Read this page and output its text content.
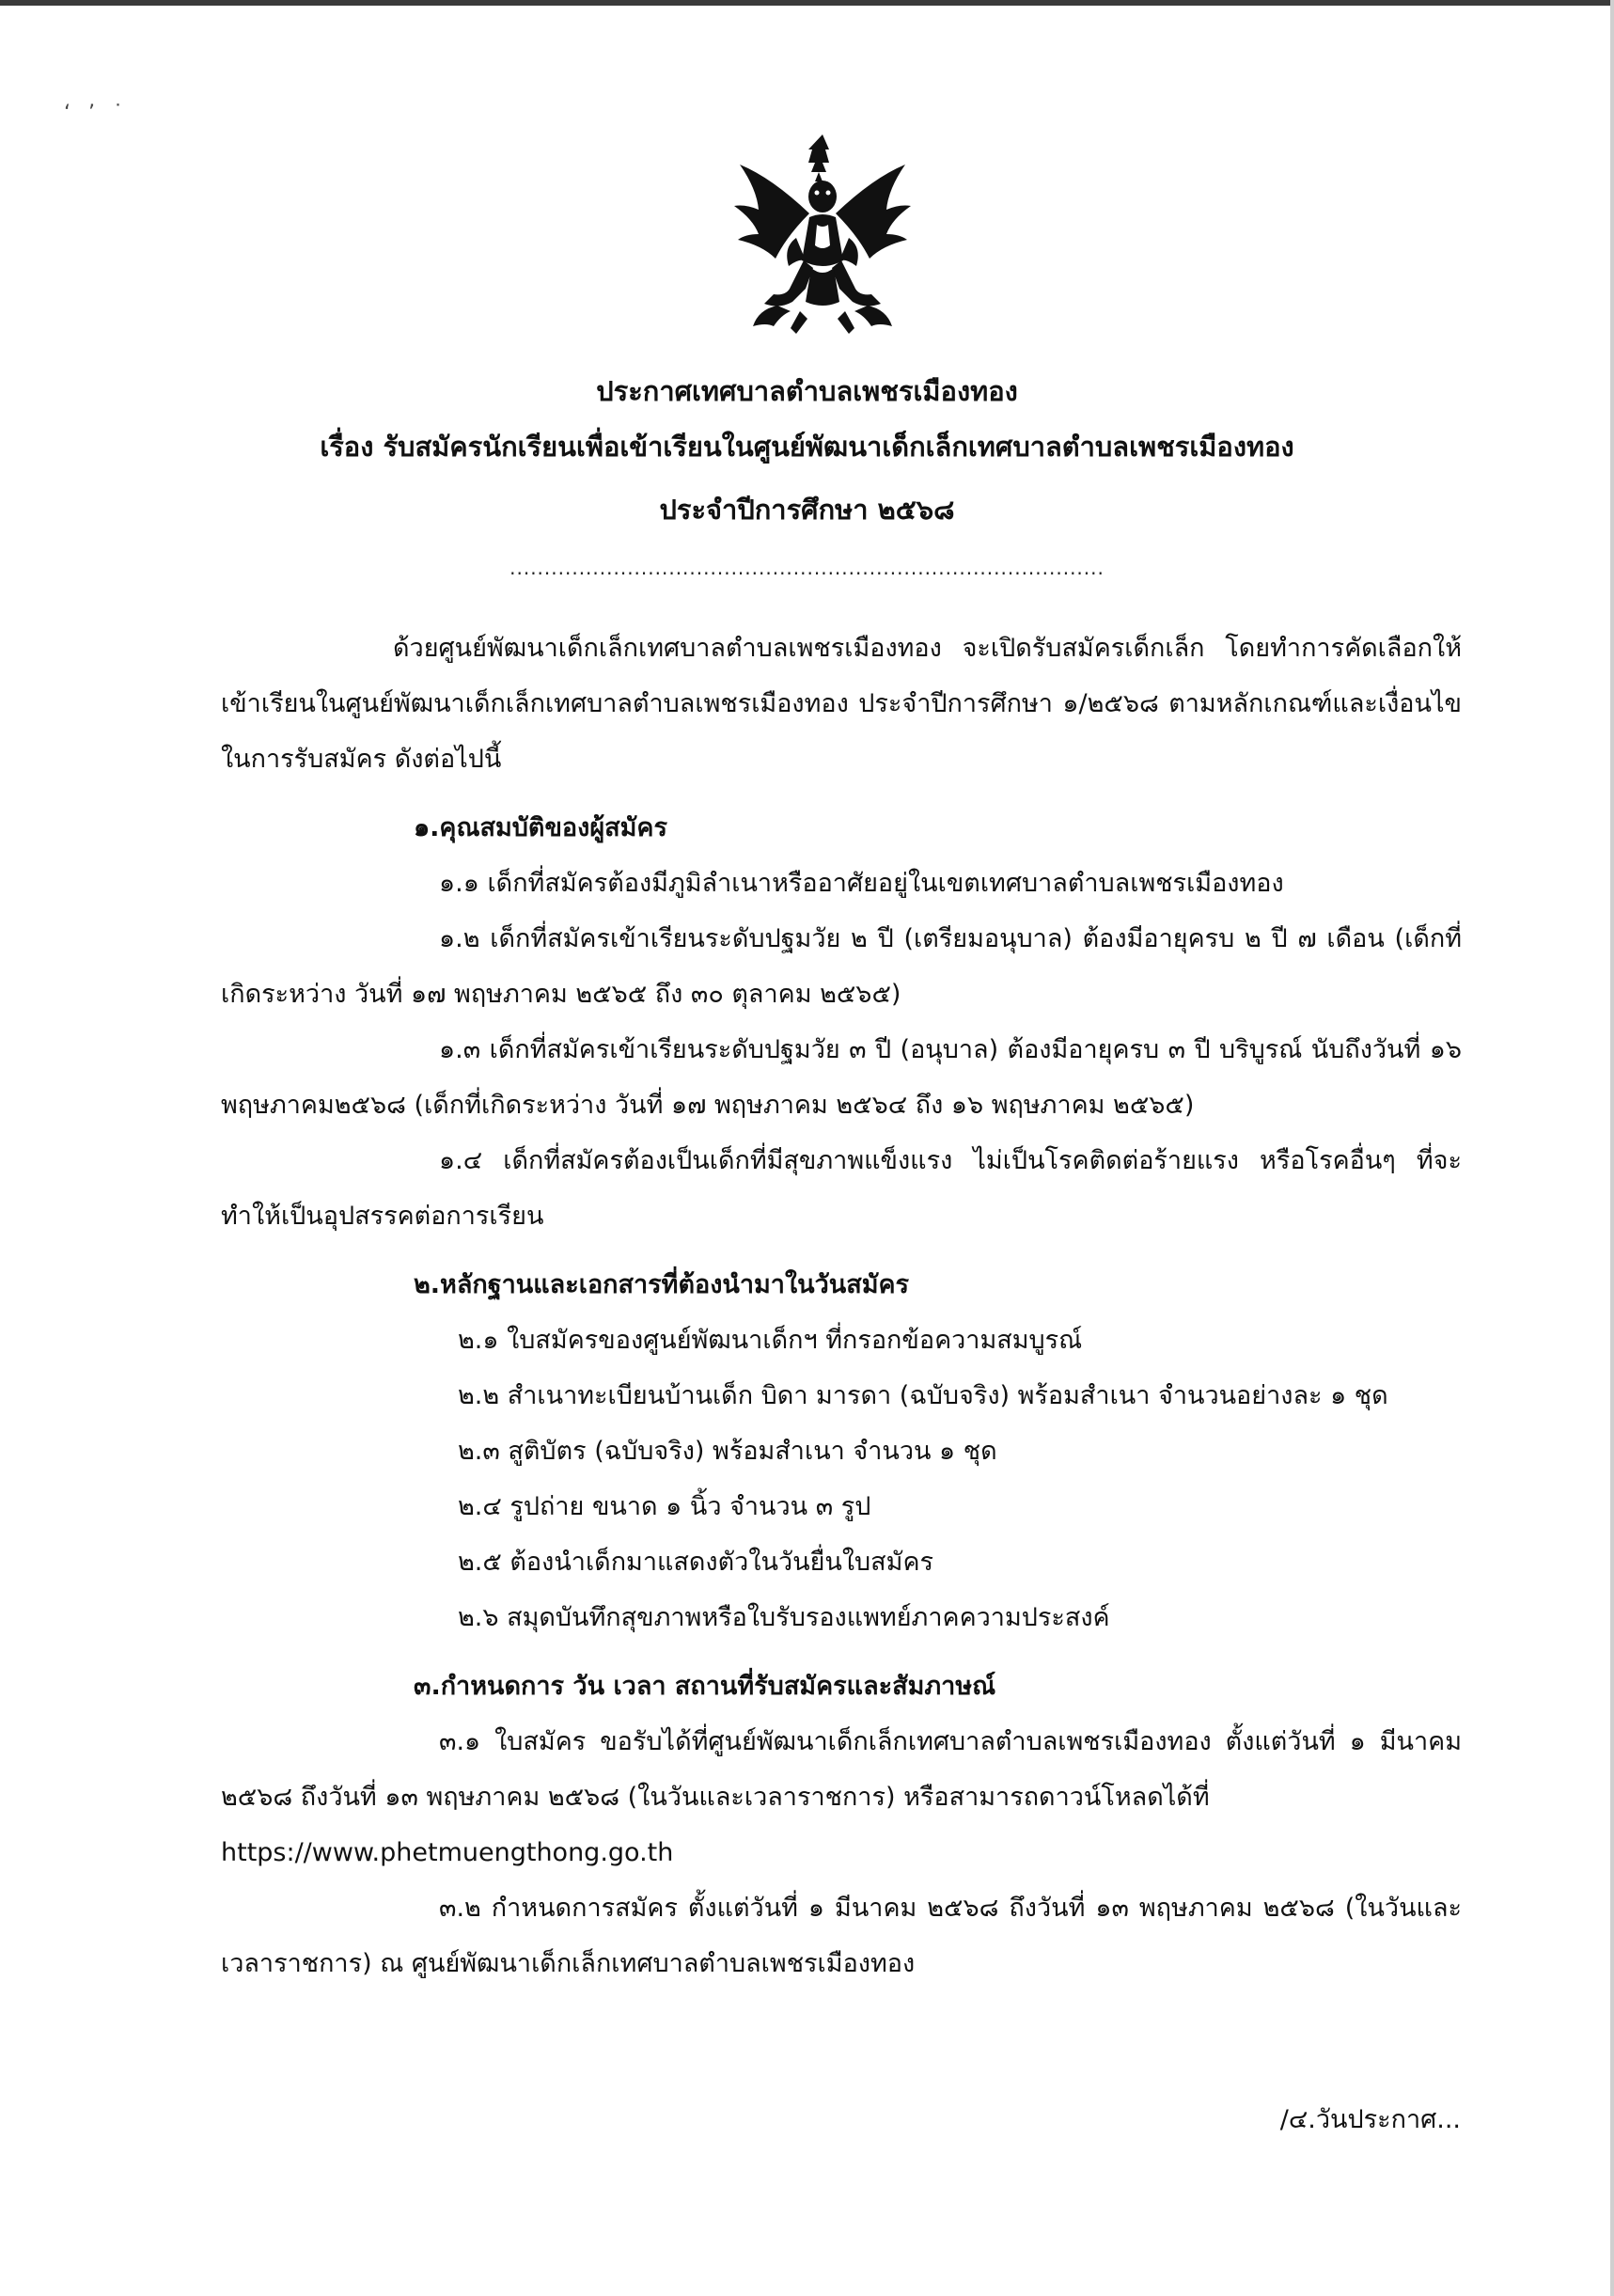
‘ ’ ˙
ประกาศเทศบาลตำบลเพชรเมืองทอง
เรื่อง รับสมัครนักเรียนเพื่อเข้าเรียนในศูนย์พัฒนาเด็กเล็กเทศบาลตำบลเพชรเมืองทอง
ประจำปีการศึกษา ๒๕๖๘
......................................................................................
ด้วยศูนย์พัฒนาเด็กเล็กเทศบาลตำบลเพชรเมืองทอง จะเปิดรับสมัครเด็กเล็ก โดยทำการคัดเลือกให้เข้าเรียนในศูนย์พัฒนาเด็กเล็กเทศบาลตำบลเพชรเมืองทอง ประจำปีการศึกษา ๑/๒๕๖๘ ตามหลักเกณฑ์และเงื่อนไขในการรับสมัคร ดังต่อไปนี้
๑.คุณสมบัติของผู้สมัคร
๑.๑ เด็กที่สมัครต้องมีภูมิลำเนาหรืออาศัยอยู่ในเขตเทศบาลตำบลเพชรเมืองทอง
๑.๒ เด็กที่สมัครเข้าเรียนระดับปฐมวัย ๒ ปี (เตรียมอนุบาล) ต้องมีอายุครบ ๒ ปี ๗ เดือน (เด็กที่เกิดระหว่าง วันที่ ๑๗ พฤษภาคม ๒๕๖๕ ถึง ๓๐ ตุลาคม ๒๕๖๕)
๑.๓ เด็กที่สมัครเข้าเรียนระดับปฐมวัย ๓ ปี (อนุบาล) ต้องมีอายุครบ ๓ ปี บริบูรณ์ นับถึงวันที่ ๑๖ พฤษภาคม๒๕๖๘ (เด็กที่เกิดระหว่าง วันที่ ๑๗ พฤษภาคม ๒๕๖๔ ถึง ๑๖ พฤษภาคม ๒๕๖๕)
๑.๔ เด็กที่สมัครต้องเป็นเด็กที่มีสุขภาพแข็งแรง ไม่เป็นโรคติดต่อร้ายแรง หรือโรคอื่นๆ ที่จะทำให้เป็นอุปสรรคต่อการเรียน
๒.หลักฐานและเอกสารที่ต้องนำมาในวันสมัคร
๒.๑ ใบสมัครของศูนย์พัฒนาเด็กฯ ที่กรอกข้อความสมบูรณ์
๒.๒ สำเนาทะเบียนบ้านเด็ก บิดา มารดา (ฉบับจริง) พร้อมสำเนา จำนวนอย่างละ ๑ ชุด
๒.๓ สูติบัตร (ฉบับจริง) พร้อมสำเนา จำนวน ๑ ชุด
๒.๔ รูปถ่าย ขนาด ๑ นิ้ว จำนวน ๓ รูป
๒.๕ ต้องนำเด็กมาแสดงตัวในวันยื่นใบสมัคร
๒.๖ สมุดบันทึกสุขภาพหรือใบรับรองแพทย์ภาคความประสงค์
๓.กำหนดการ วัน เวลา สถานที่รับสมัครและสัมภาษณ์
๓.๑ ใบสมัคร ขอรับได้ที่ศูนย์พัฒนาเด็กเล็กเทศบาลตำบลเพชรเมืองทอง ตั้งแต่วันที่ ๑ มีนาคม ๒๕๖๘ ถึงวันที่ ๑๓ พฤษภาคม ๒๕๖๘ (ในวันและเวลาราชการ) หรือสามารถดาวน์โหลดได้ที่
https://www.phetmuengthong.go.th
๓.๒ กำหนดการสมัคร ตั้งแต่วันที่ ๑ มีนาคม ๒๕๖๘ ถึงวันที่ ๑๓ พฤษภาคม ๒๕๖๘ (ในวันและเวลาราชการ) ณ ศูนย์พัฒนาเด็กเล็กเทศบาลตำบลเพชรเมืองทอง
/๔.วันประกาศ...
